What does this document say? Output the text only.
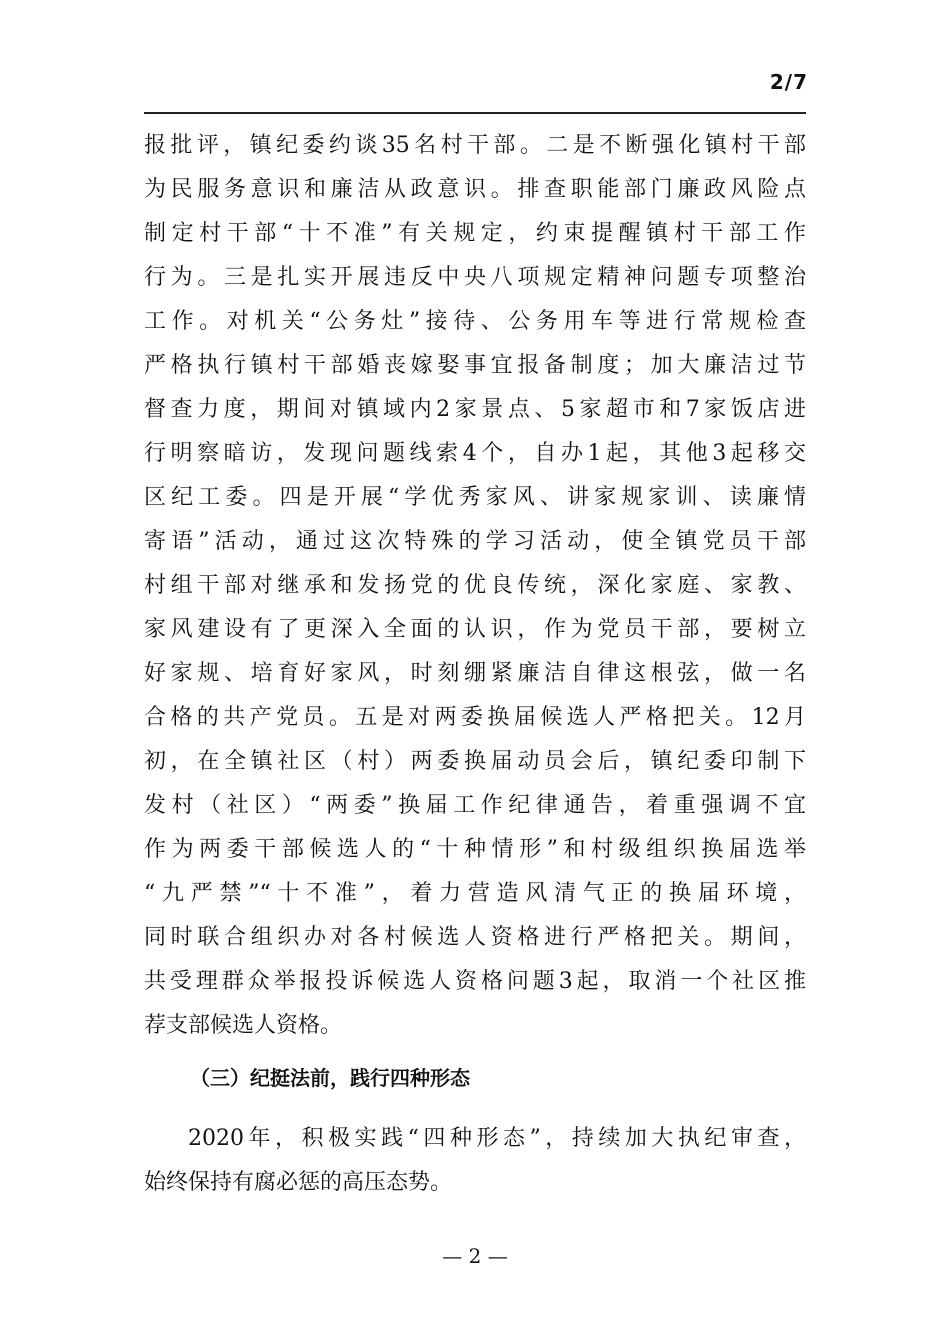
2/7
报批评，镇纪委约谈35名村干部。二是不断强化镇村干部
为民服务意识和廉洁从政意识。排查职能部门廉政风险点
制定村干部“十不准”有关规定，约束提醒镇村干部工作
行为。三是扎实开展违反中央八项规定精神问题专项整治
工作。对机关“公务灶”接待、公务用车等进行常规检查
严格执行镇村干部婚丧嫁娶事宜报备制度；加大廉洁过节
督查力度，期间对镇域内2家景点、5家超市和7家饭店进
行明察暗访，发现问题线索4个，自办1起，其他3起移交
区纪工委。四是开展“学优秀家风、讲家规家训、读廉情
寄语”活动，通过这次特殊的学习活动，使全镇党员干部
村组干部对继承和发扬党的优良传统，深化家庭、家教、
家风建设有了更深入全面的认识，作为党员干部，要树立
好家规、培育好家风，时刻绷紧廉洁自律这根弦，做一名
合格的共产党员。五是对两委换届候选人严格把关。12月
初，在全镇社区（村）两委换届动员会后，镇纪委印制下
发村（社区）“两委”换届工作纪律通告，着重强调不宜
作为两委干部候选人的“十种情形”和村级组织换届选举
“九严禁”“十不准”，着力营造风清气正的换届环境，
同时联合组织办对各村候选人资格进行严格把关。期间，
共受理群众举报投诉候选人资格问题3起，取消一个社区推
荐支部候选人资格。
（三）纪挺法前，践行四种形态
2020年，积极实践“四种形态”，持续加大执纪审查，
始终保持有腐必惩的高压态势。
— 2 —
